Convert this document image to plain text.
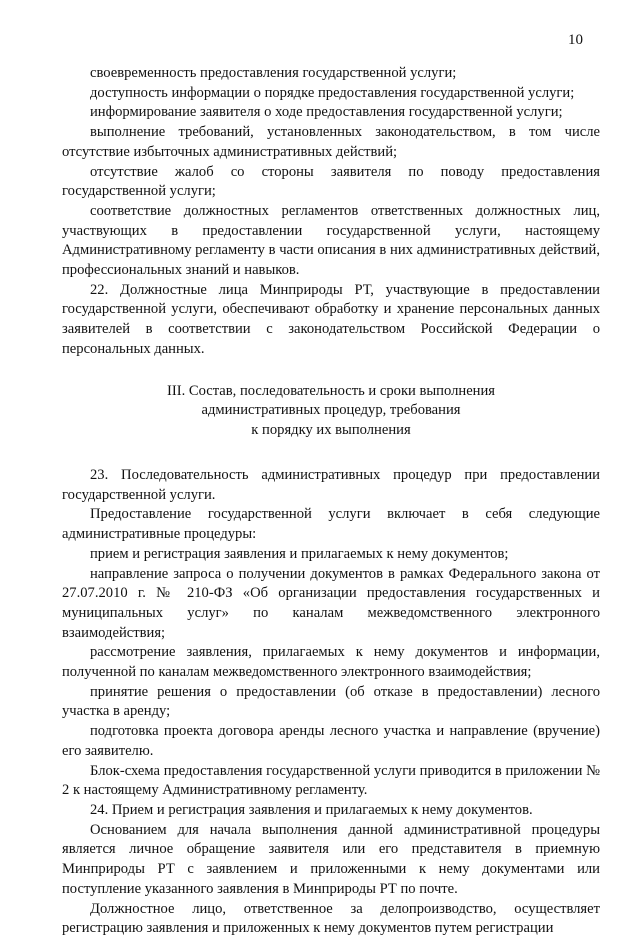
10

своевременность предоставления государственной услуги;

доступность информации о порядке предоставления государственной услуги;

информирование заявителя о ходе предоставления государственной услуги;

выполнение требований, установленных законодательством, в том числе отсутствие избыточных административных действий;

отсутствие жалоб со стороны заявителя по поводу предоставления государственной услуги;

соответствие должностных регламентов ответственных должностных лиц, участвующих в предоставлении государственной услуги, настоящему Административному регламенту в части описания в них административных действий, профессиональных знаний и навыков.

22. Должностные лица Минприроды РТ, участвующие в предоставлении государственной услуги, обеспечивают обработку и хранение персональных данных заявителей в соответствии с законодательством Российской Федерации о персональных данных.

III. Состав, последовательность и сроки выполнения
административных процедур, требования
к порядку их выполнения

23. Последовательность административных процедур при предоставлении государственной услуги.

Предоставление государственной услуги включает в себя следующие административные процедуры:

прием и регистрация заявления и прилагаемых к нему документов;

направление запроса о получении документов в рамках Федерального закона от 27.07.2010 г. № 210-ФЗ «Об организации предоставления государственных и муниципальных услуг» по каналам межведомственного электронного взаимодействия;

рассмотрение заявления, прилагаемых к нему документов и информации, полученной по каналам межведомственного электронного взаимодействия;

принятие решения о предоставлении (об отказе в предоставлении) лесного участка в аренду;

подготовка проекта договора аренды лесного участка и направление (вручение) его заявителю.

Блок-схема предоставления государственной услуги приводится в приложении № 2 к настоящему Административному регламенту.

24. Прием и регистрация заявления и прилагаемых к нему документов.

Основанием для начала выполнения данной административной процедуры является личное обращение заявителя или его представителя в приемную Минприроды РТ с заявлением и приложенными к нему документами или поступление указанного заявления в Минприроды РТ по почте.

Должностное лицо, ответственное за делопроизводство, осуществляет регистрацию заявления и приложенных к нему документов путем регистрации
